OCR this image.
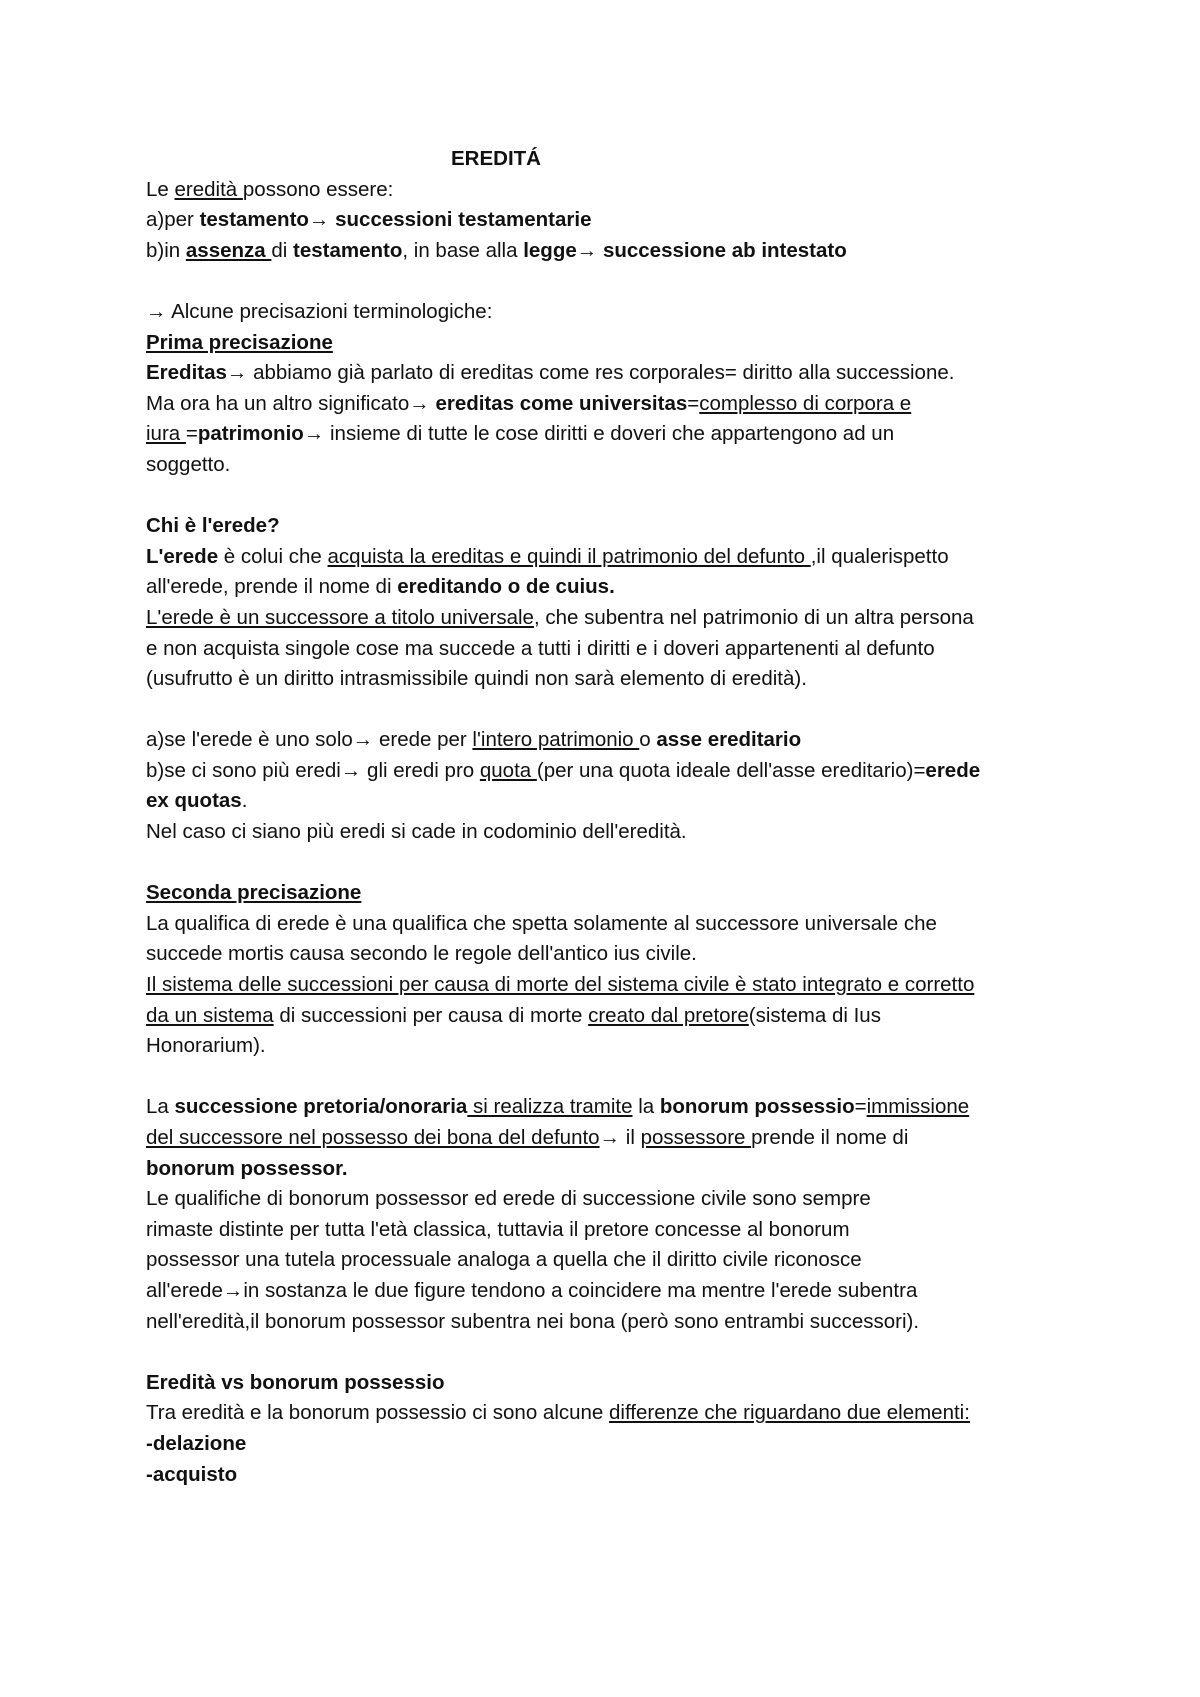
EREDITÁ
Le eredità possono essere:
a)per testamento→ successioni testamentarie
b)in assenza di testamento, in base alla legge→ successione ab intestato
→ Alcune precisazioni terminologiche:
Prima precisazione
Ereditas→ abbiamo già parlato di ereditas come res corporales= diritto alla successione.
Ma ora ha un altro significato→ ereditas come universitas=complesso di corpora e
iura =patrimonio→ insieme di tutte le cose diritti e doveri che appartengono ad un
soggetto.
Chi è l'erede?
L'erede è colui che acquista la ereditas e quindi il patrimonio del defunto ,il qualerispetto
all'erede, prende il nome di ereditando o de cuius.
L'erede è un successore a titolo universale, che subentra nel patrimonio di un altra persona
e non acquista singole cose ma succede a tutti i diritti e i doveri appartenenti al defunto
(usufrutto è un diritto intrasmissibile quindi non sarà elemento di eredità).
a)se l'erede è uno solo→ erede per l'intero patrimonio o asse ereditario
b)se ci sono più eredi→ gli eredi pro quota (per una quota ideale dell'asse ereditario)=erede
ex quotas.
Nel caso ci siano più eredi si cade in codominio dell'eredità.
Seconda precisazione
La qualifica di erede è una qualifica che spetta solamente al successore universale che
succede mortis causa secondo le regole dell'antico ius civile.
Il sistema delle successioni per causa di morte del sistema civile è stato integrato e corretto
da un sistema di successioni per causa di morte creato dal pretore(sistema di Ius
Honorarium).
La successione pretoria/onoraria si realizza tramite la bonorum possessio=immissione
del successore nel possesso dei bona del defunto→ il possessore prende il nome di
bonorum possessor.
Le qualifiche di bonorum possessor ed erede di successione civile sono sempre
rimaste distinte per tutta l'età classica, tuttavia il pretore concesse al bonorum
possessor una tutela processuale analoga a quella che il diritto civile riconosce
all'erede→in sostanza le due figure tendono a coincidere ma mentre l'erede subentra
nell'eredità,il bonorum possessor subentra nei bona (però sono entrambi successori).
Eredità vs bonorum possessio
Tra eredità e la bonorum possessio ci sono alcune differenze che riguardano due elementi:
-delazione
-acquisto
